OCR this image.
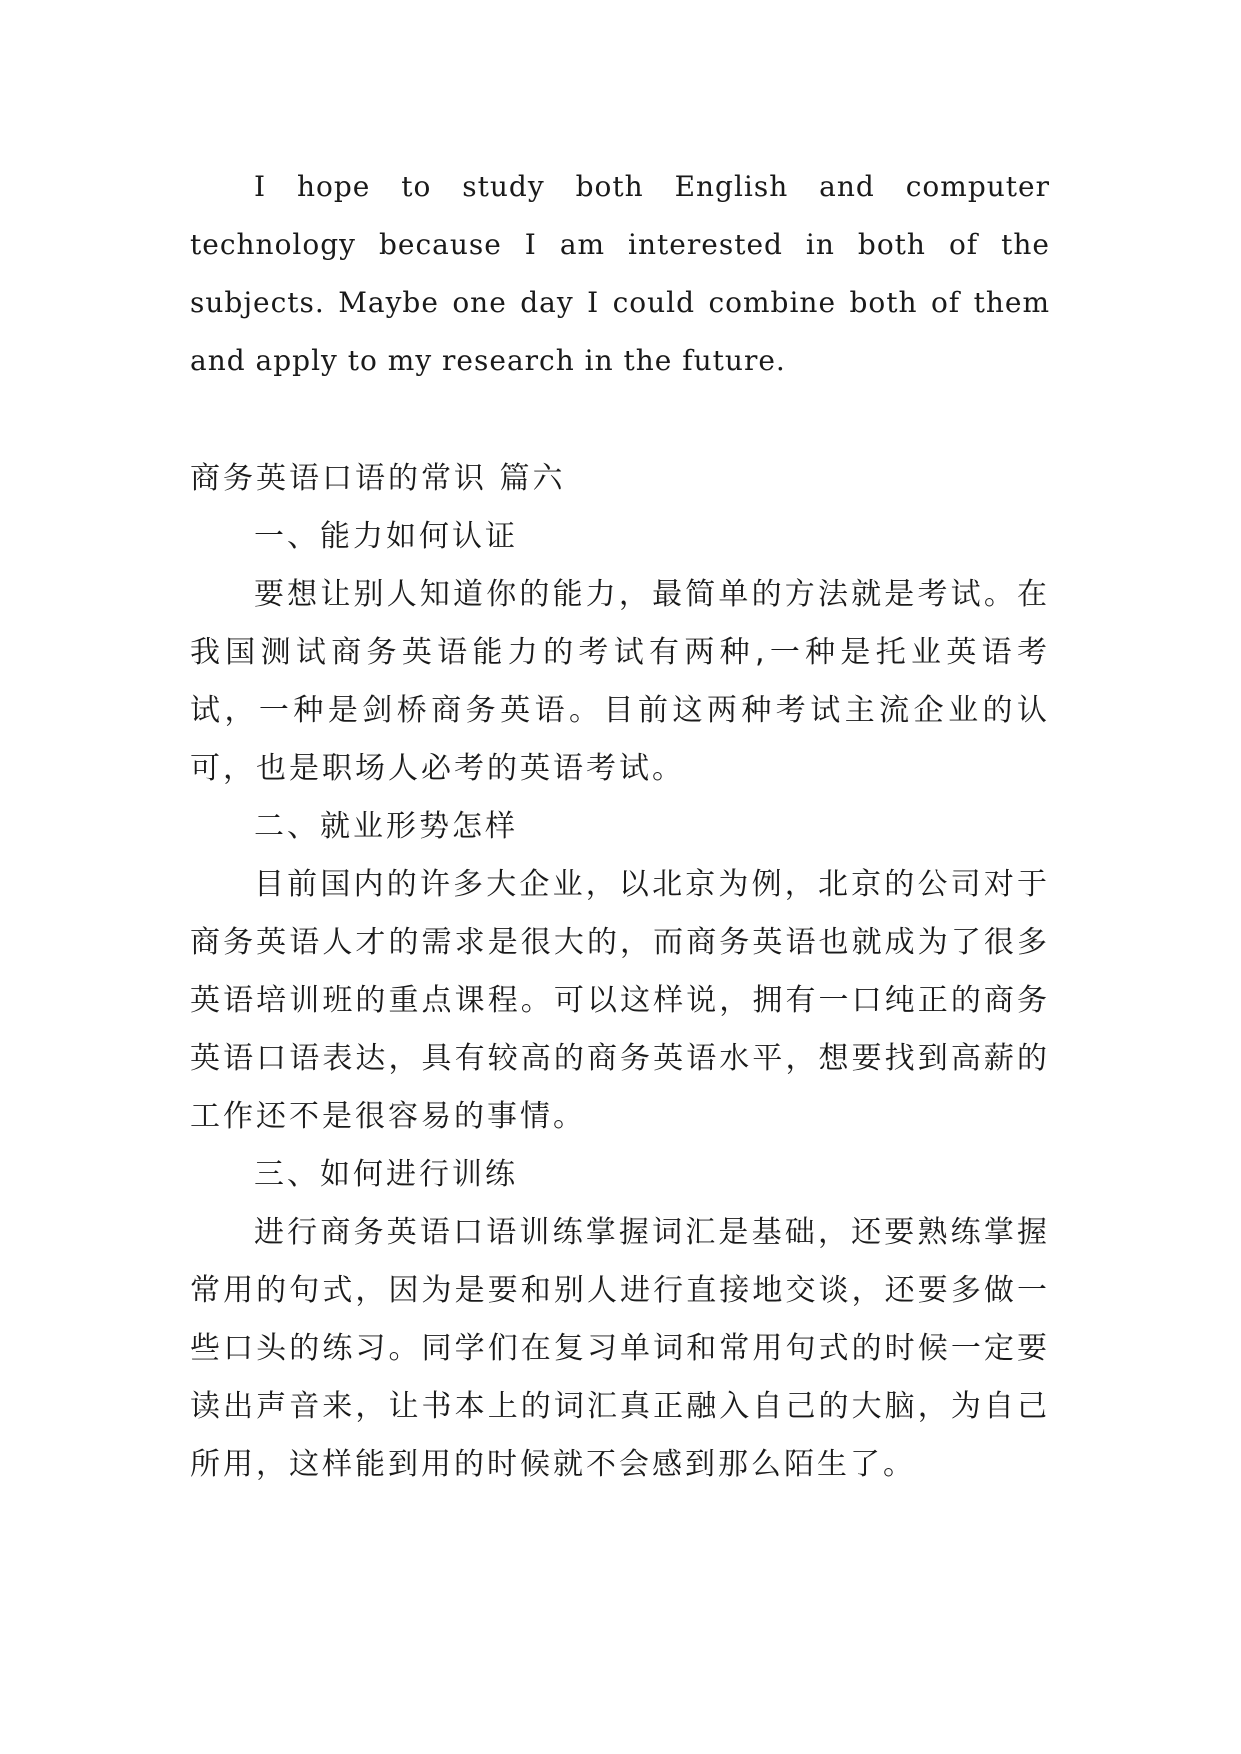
I hope to study both English and computer technology because I am interested in both of the subjects. Maybe one day I could combine both of them and apply to my research in the future.

商务英语口语的常识 篇六

一、能力如何认证

要想让别人知道你的能力，最简单的方法就是考试。在我国测试商务英语能力的考试有两种,一种是托业英语考试，一种是剑桥商务英语。目前这两种考试主流企业的认可，也是职场人必考的英语考试。

二、就业形势怎样

目前国内的许多大企业，以北京为例，北京的公司对于商务英语人才的需求是很大的，而商务英语也就成为了很多英语培训班的重点课程。可以这样说，拥有一口纯正的商务英语口语表达，具有较高的商务英语水平，想要找到高薪的工作还不是很容易的事情。

三、如何进行训练

进行商务英语口语训练掌握词汇是基础，还要熟练掌握常用的句式，因为是要和别人进行直接地交谈，还要多做一些口头的练习。同学们在复习单词和常用句式的时候一定要读出声音来，让书本上的词汇真正融入自己的大脑，为自己所用，这样能到用的时候就不会感到那么陌生了。
